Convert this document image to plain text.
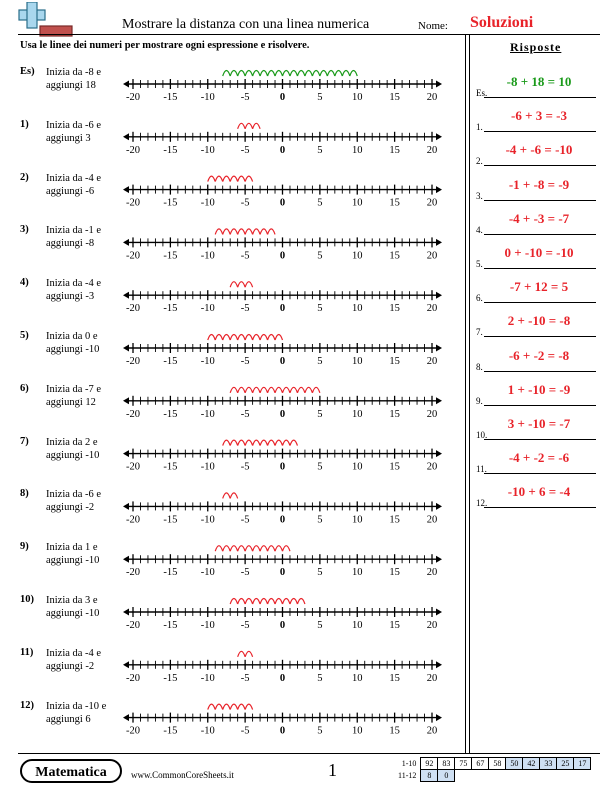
Mostrare la distanza con una linea numerica	Nome: Soluzioni
Usa le linee dei numeri per mostrare ogni espressione e risolvere.	Risposte
-20 -15 -10 -5	0	5	10	15	20
-20 -15 -10 -5	0	5	10	15	20
-20 -15 -10 -5	0	5	10	15	20
-20 -15 -10 -5	0	5	10	15	20
-20 -15 -10 -5	0	5	10	15	20
-20 -15 -10 -5	0	5	10	15	20
-20 -15 -10 -5	0	5	10	15	20
-20 -15 -10 -5	0	5	10	15	20
-20 -15 -10 -5	0	5	10	15	20
-20 -15 -10 -5	0	5	10	15	20
-20 -15 -10 -5	0	5	10	15	20
-20 -15 -10 -5	0	5	10	15	20
-20 -15 -10 -5	0	5	10	15	20
Es) Inizia da -8 e
aggiungi 18
1) Inizia da -6 e
aggiungi 3
2) Inizia da -4 e
aggiungi -6
3) Inizia da -1 e
aggiungi -8
4) Inizia da -4 e
aggiungi -3
5) Inizia da 0 e
aggiungi -10
6) Inizia da -7 e
aggiungi 12
7) Inizia da 2 e
aggiungi -10
8) Inizia da -6 e
aggiungi -2
9) Inizia da 1 e
aggiungi -10
10) Inizia da 3 e
aggiungi -10
11) Inizia da -4 e
aggiungi -2
12) Inizia da -10 e
aggiungi 6
Es.
-8 + 18 = 10
1.
-6 + 3 = -3
2.
-4 + -6 = -10
3.
-1 + -8 = -9
4.
-4 + -3 = -7
5.
0 + -10 = -10
6.
-7 + 12 = 5
7.
2 + -10 = -8
8.
-6 + -2 = -8
9.
1 + -10 = -9
10.
3 + -10 = -7
11.
-4 + -2 = -6
12.
-10 + 6 = -4
Matematica	www.CommonCoreSheets.it	1	1-10	92	83	75	67	58	50	42	33	25	17
11-12	8	0								
